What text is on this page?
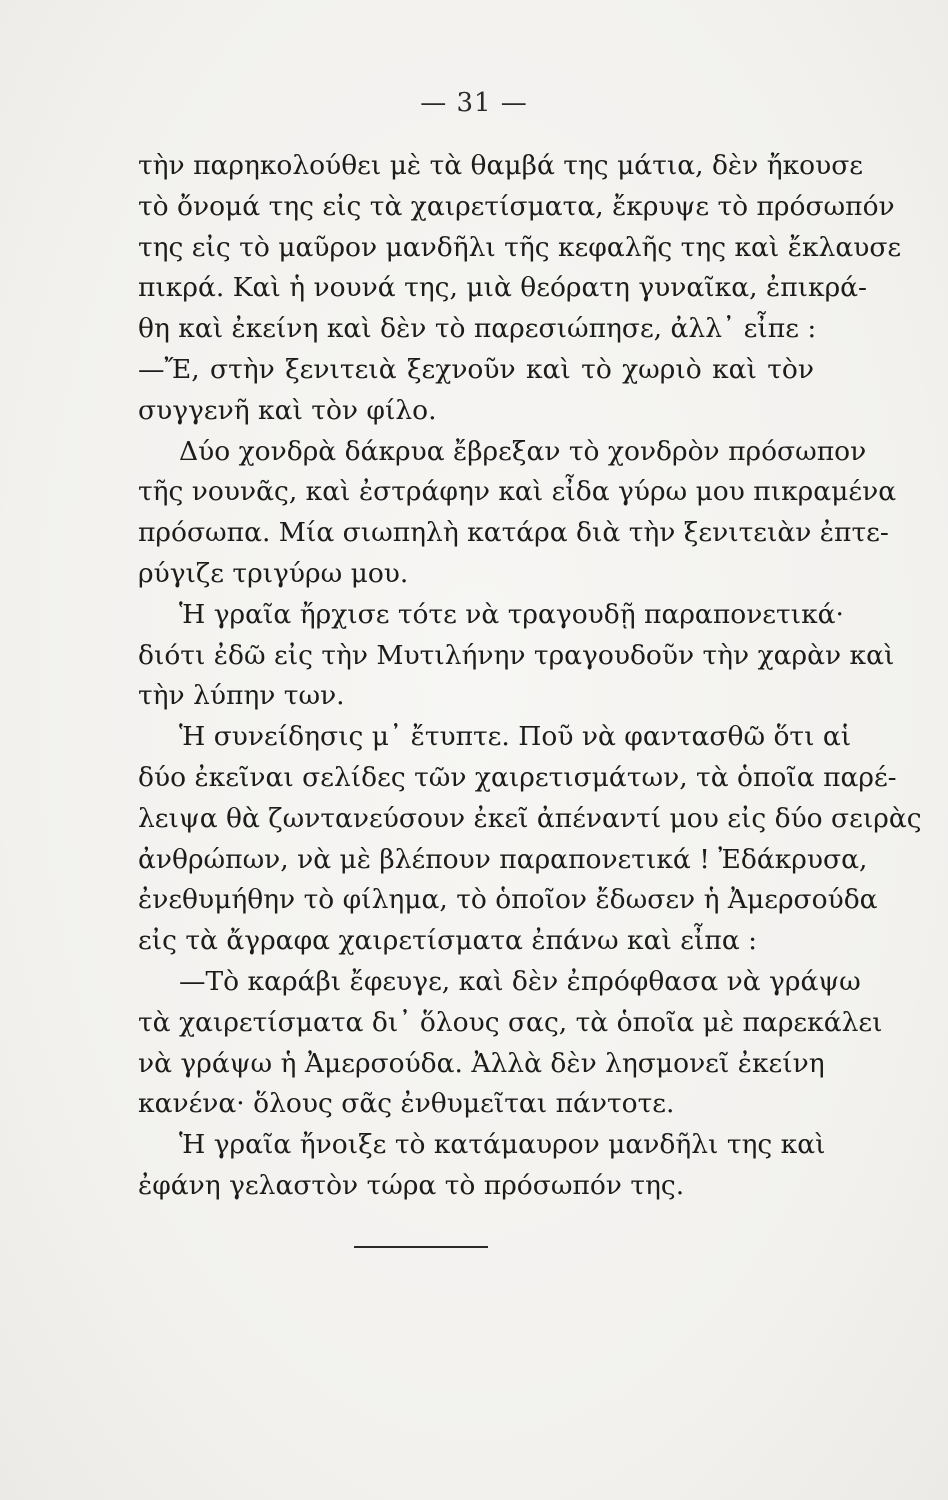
— 31 —
τὴν παρηκολούθει μὲ τὰ θαμβά της μάτια, δὲν ἤκουσε
τὸ ὄνομά της εἰς τὰ χαιρετίσματα, ἔκρυψε τὸ πρόσωπόν
της εἰς τὸ μαῦρον μανδῆλι τῆς κεφαλῆς της καὶ ἔκλαυσε
πικρά. Καὶ ἡ νουνά της, μιὰ θεόρατη γυναῖκα, ἐπικρά-
θη καὶ ἐκείνη καὶ δὲν τὸ παρεσιώπησε, ἀλλ᾽ εἶπε :
—Ἔ, στὴν ξενιτειὰ ξεχνοῦν καὶ τὸ χωριὸ καὶ τὸν
συγγενῆ καὶ τὸν φίλο.
Δύο χονδρὰ δάκρυα ἔβρεξαν τὸ χονδρὸν πρόσωπον
τῆς νουνᾶς, καὶ ἐστράφην καὶ εἶδα γύρω μου πικραμένα
πρόσωπα. Μία σιωπηλὴ κατάρα διὰ τὴν ξενιτειὰν ἐπτε-
ρύγιζε τριγύρω μου.
Ἡ γραῖα ἤρχισε τότε νὰ τραγουδῇ παραπονετικά·
διότι ἐδῶ εἰς τὴν Μυτιλήνην τραγουδοῦν τὴν χαρὰν καὶ
τὴν λύπην των.
Ἡ συνείδησις μ᾽ ἔτυπτε. Ποῦ νὰ φαντασθῶ ὅτι αἱ
δύο ἐκεῖναι σελίδες τῶν χαιρετισμάτων, τὰ ὁποῖα παρέ-
λειψα θὰ ζωντανεύσουν ἐκεῖ ἀπέναντί μου εἰς δύο σειρὰς
ἀνθρώπων, νὰ μὲ βλέπουν παραπονετικά ! Ἐδάκρυσα,
ἐνεθυμήθην τὸ φίλημα, τὸ ὁποῖον ἔδωσεν ἡ Ἀμερσούδα
εἰς τὰ ἄγραφα χαιρετίσματα ἐπάνω καὶ εἶπα :
—Τὸ καράβι ἔφευγε, καὶ δὲν ἐπρόφθασα νὰ γράψω
τὰ χαιρετίσματα δι᾽ ὅλους σας, τὰ ὁποῖα μὲ παρεκάλει
νὰ γράψω ἡ Ἀμερσούδα. Ἀλλὰ δὲν λησμονεῖ ἐκείνη
κανένα· ὅλους σᾶς ἐνθυμεῖται πάντοτε.
Ἡ γραῖα ἤνοιξε τὸ κατάμαυρον μανδῆλι της καὶ
ἐφάνη γελαστὸν τώρα τὸ πρόσωπόν της.
